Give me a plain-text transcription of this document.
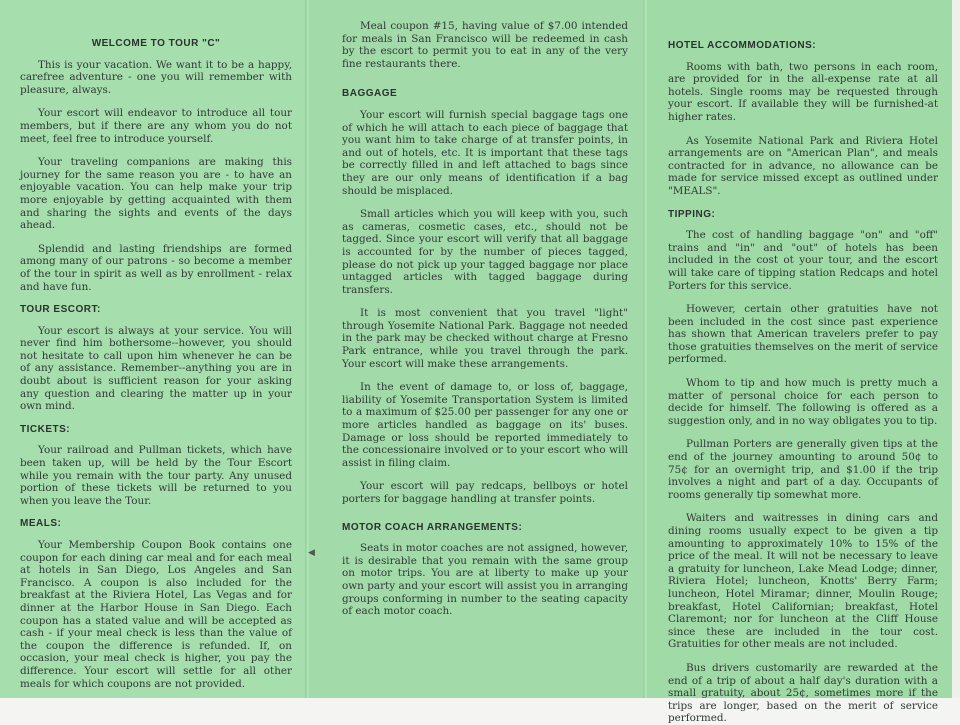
WELCOME TO TOUR "C"

This is your vacation. We want it to be a happy, carefree adventure - one you will remember with pleasure, always.

Your escort will endeavor to introduce all tour members, but if there are any whom you do not meet, feel free to introduce yourself.

Your traveling companions are making this journey for the same reason you are - to have an enjoyable vacation. You can help make your trip more enjoyable by getting acquainted with them and sharing the sights and events of the days ahead.

Splendid and lasting friendships are formed among many of our patrons - so become a member of the tour in spirit as well as by enrollment - relax and have fun.

TOUR ESCORT:

Your escort is always at your service. You will never find him bothersome--however, you should not hesitate to call upon him whenever he can be of any assistance. Remember--anything you are in doubt about is sufficient reason for your asking any question and clearing the matter up in your own mind.

TICKETS:

Your railroad and Pullman tickets, which have been taken up, will be held by the Tour Escort while you remain with the tour party. Any unused portion of these tickets will be returned to you when you leave the Tour.

MEALS:

Your Membership Coupon Book contains one coupon for each dining car meal and for each meal at hotels in San Diego, Los Angeles and San Francisco. A coupon is also included for the breakfast at the Riviera Hotel, Las Vegas and for dinner at the Harbor House in San Diego. Each coupon has a stated value and will be accepted as cash - if your meal check is less than the value of the coupon the difference is refunded. If, on occasion, your meal check is higher, you pay the difference. Your escort will settle for all other meals for which coupons are not provided.

Meal coupon #15, having value of $7.00 intended for meals in San Francisco will be redeemed in cash by the escort to permit you to eat in any of the very fine restaurants there.

BAGGAGE

Your escort will furnish special baggage tags one of which he will attach to each piece of baggage that you want him to take charge of at transfer points, in and out of hotels, etc. It is important that these tags be correctly filled in and left attached to bags since they are our only means of identification if a bag should be misplaced.

Small articles which you will keep with you, such as cameras, cosmetic cases, etc., should not be tagged. Since your escort will verify that all baggage is accounted for by the number of pieces tagged, please do not pick up your tagged baggage nor place untagged articles with tagged baggage during transfers.

It is most convenient that you travel "light" through Yosemite National Park. Baggage not needed in the park may be checked without charge at Fresno Park entrance, while you travel through the park. Your escort will make these arrangements.

In the event of damage to, or loss of, baggage, liability of Yosemite Transportation System is limited to a maximum of $25.00 per passenger for any one or more articles handled as baggage on its' buses. Damage or loss should be reported immediately to the concessionaire involved or to your escort who will assist in filing claim.

Your escort will pay redcaps, bellboys or hotel porters for baggage handling at transfer points.

MOTOR COACH ARRANGEMENTS:

Seats in motor coaches are not assigned, however, it is desirable that you remain with the same group on motor trips. You are at liberty to make up your own party and your escort will assist you in arranging groups conforming in number to the seating capacity of each motor coach.

HOTEL ACCOMMODATIONS:

Rooms with bath, two persons in each room, are provided for in the all-expense rate at all hotels. Single rooms may be requested through your escort. If available they will be furnished-at higher rates.

As Yosemite National Park and Riviera Hotel arrangements are on "American Plan", and meals contracted for in advance, no allowance can be made for service missed except as outlined under "MEALS".

TIPPING:

The cost of handling baggage "on" and "off" trains and "in" and "out" of hotels has been included in the cost ot your tour, and the escort will take care of tipping station Redcaps and hotel Porters for this service.

However, certain other gratuities have not been included in the cost since past experience has shown that American travelers prefer to pay those gratuities themselves on the merit of service performed.

Whom to tip and how much is pretty much a matter of personal choice for each person to decide for himself. The following is offered as a suggestion only, and in no way obligates you to tip.

Pullman Porters are generally given tips at the end of the journey amounting to around 50¢ to 75¢ for an overnight trip, and $1.00 if the trip involves a night and part of a day. Occupants of rooms generally tip somewhat more.

Waiters and waitresses in dining cars and dining rooms usually expect to be given a tip amounting to approximately 10% to 15% of the price of the meal. It will not be necessary to leave a gratuity for luncheon, Lake Mead Lodge; dinner, Riviera Hotel; luncheon, Knotts' Berry Farm; luncheon, Hotel Miramar; dinner, Moulin Rouge; breakfast, Hotel Californian; breakfast, Hotel Claremont; nor for luncheon at the Cliff House since these are included in the tour cost. Gratuities for other meals are not included.

Bus drivers customarily are rewarded at the end of a trip of about a half day's duration with a small gratuity, about 25¢, sometimes more if the trips are longer, based on the merit of service performed.

◀
